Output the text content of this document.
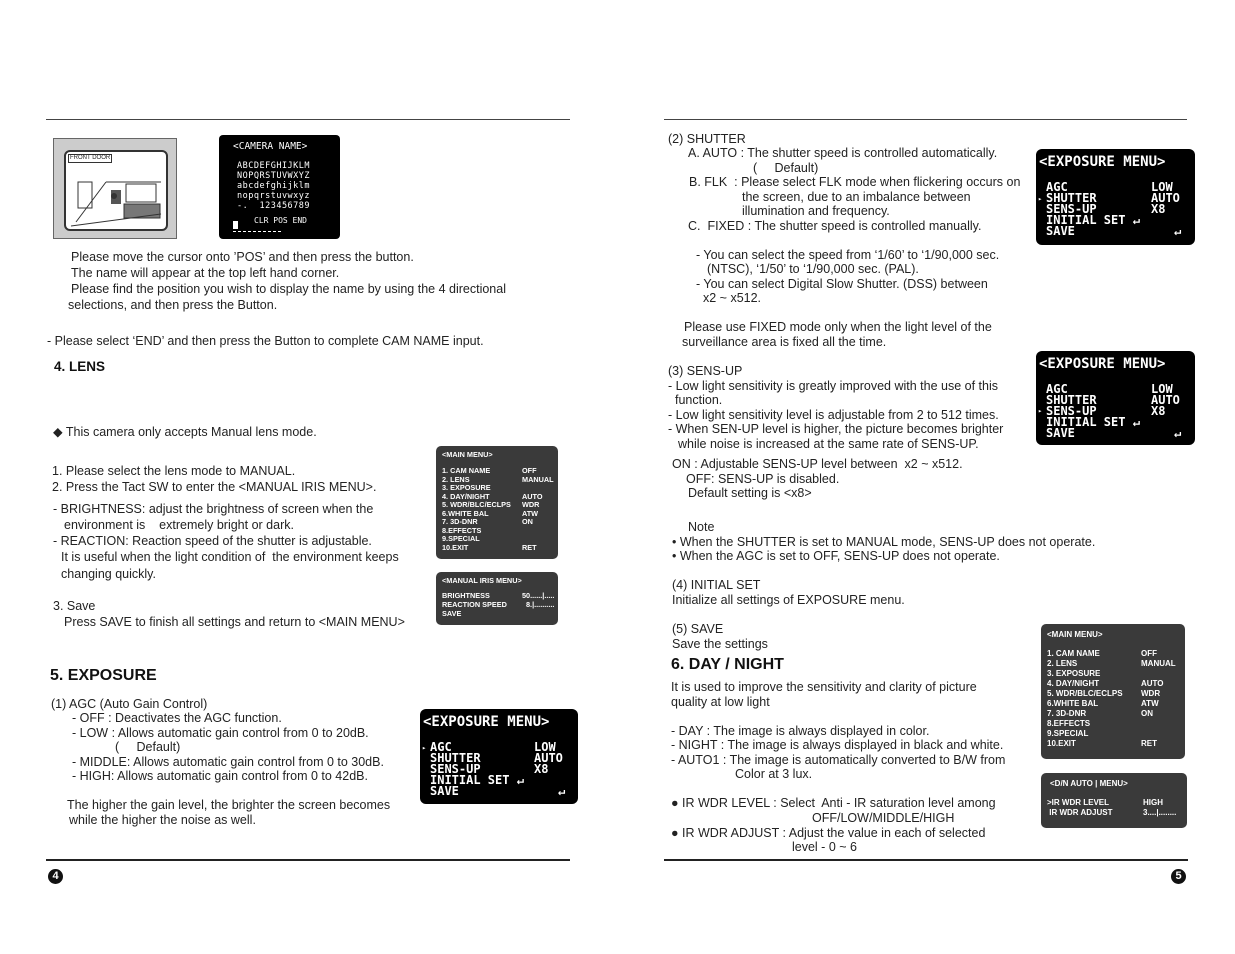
FRONT DOOR
<CAMERA NAME>
ABCDEFGHIJKLM
NOPQRSTUVWXYZ
abcdefghijklm
nopqrstuvwxyz
-.  123456789
CLR POS END
Please move the cursor onto ’POS’ and then press the button.
The name will appear at the top left hand corner.
Please find the position you wish to display the name by using the 4 directional
selections, and then press the Button.
- Please select ‘END’ and then press the Button to complete CAM NAME input.
4. LENS
◆ This camera only accepts Manual lens mode.
1. Please select the lens mode to MANUAL.
2. Press the Tact SW to enter the <MANUAL IRIS MENU>.
- BRIGHTNESS: adjust the brightness of screen when the
environment is    extremely bright or dark.
- REACTION: Reaction speed of the shutter is adjustable.
It is useful when the light condition of  the environment keeps
changing quickly.
3. Save
Press SAVE to finish all settings and return to <MAIN MENU>
<MAIN MENU>
1. CAM NAME
2. LENS
3. EXPOSURE
4. DAY/NIGHT
5. WDR/BLC/ECLPS
6.WHITE BAL
7. 3D-DNR
8.EFFECTS
9.SPECIAL
10.EXIT
OFF
MANUAL
AUTO
WDR
ATW
ON
RET
<MANUAL IRIS MENU>
BRIGHTNESS
REACTION SPEED
SAVE
50......|.....
8.|..........
5. EXPOSURE
(1) AGC (Auto Gain Control)
- OFF : Deactivates the AGC function.
- LOW : Allows automatic gain control from 0 to 20dB.
(     Default)
- MIDDLE: Allows automatic gain control from 0 to 30dB.
- HIGH: Allows automatic gain control from 0 to 42dB.
The higher the gain level, the brighter the screen becomes
while the higher the noise as well.
<EXPOSURE MENU>
▸ AGC
SHUTTER
SENS-UP
INITIAL SET ↵
SAVE
LOW
AUTO
X8
↵
4
(2) SHUTTER
A. AUTO : The shutter speed is controlled automatically.
(     Default)
B. FLK  : Please select FLK mode when flickering occurs on
the screen, due to an imbalance between
illumination and frequency.
C.  FIXED : The shutter speed is controlled manually.
- You can select the speed from ‘1/60’ to ‘1/90,000 sec.
(NTSC), ‘1/50’ to ‘1/90,000 sec. (PAL).
- You can select Digital Slow Shutter. (DSS) between
x2 ~ x512.
Please use FIXED mode only when the light level of the
surveillance area is fixed all the time.
<EXPOSURE MENU>
▸
AGC
SHUTTER
SENS-UP
INITIAL SET ↵
SAVE
LOW
AUTO
X8
↵
(3) SENS-UP
- Low light sensitivity is greatly improved with the use of this
function.
- Low light sensitivity level is adjustable from 2 to 512 times.
- When SEN-UP level is higher, the picture becomes brighter
while noise is increased at the same rate of SENS-UP.
ON : Adjustable SENS-UP level between  x2 ~ x512.
OFF: SENS-UP is disabled.
Default setting is <x8>
Note
• When the SHUTTER is set to MANUAL mode, SENS-UP does not operate.
• When the AGC is set to OFF, SENS-UP does not operate.
<EXPOSURE MENU>
▸
AGC
SHUTTER
SENS-UP
INITIAL SET ↵
SAVE
LOW
AUTO
X8
↵
(4) INITIAL SET
Initialize all settings of EXPOSURE menu.
(5) SAVE
Save the settings
6. DAY / NIGHT
It is used to improve the sensitivity and clarity of picture
quality at low light
- DAY : The image is always displayed in color.
- NIGHT : The image is always displayed in black and white.
- AUTO1 : The image is automatically converted to B/W from
Color at 3 lux.
● IR WDR LEVEL : Select  Anti - IR saturation level among
OFF/LOW/MIDDLE/HIGH
● IR WDR ADJUST : Adjust the value in each of selected
level - 0 ~ 6
<MAIN MENU>
1. CAM NAME
2. LENS
3. EXPOSURE
4. DAY/NIGHT
5. WDR/BLC/ECLPS
6.WHITE BAL
7. 3D-DNR
8.EFFECTS
9.SPECIAL
10.EXIT
OFF
MANUAL
AUTO
WDR
ATW
ON
RET
<D/N AUTO | MENU>
>IR WDR LEVEL
IR WDR ADJUST
HIGH
3....|........
5
